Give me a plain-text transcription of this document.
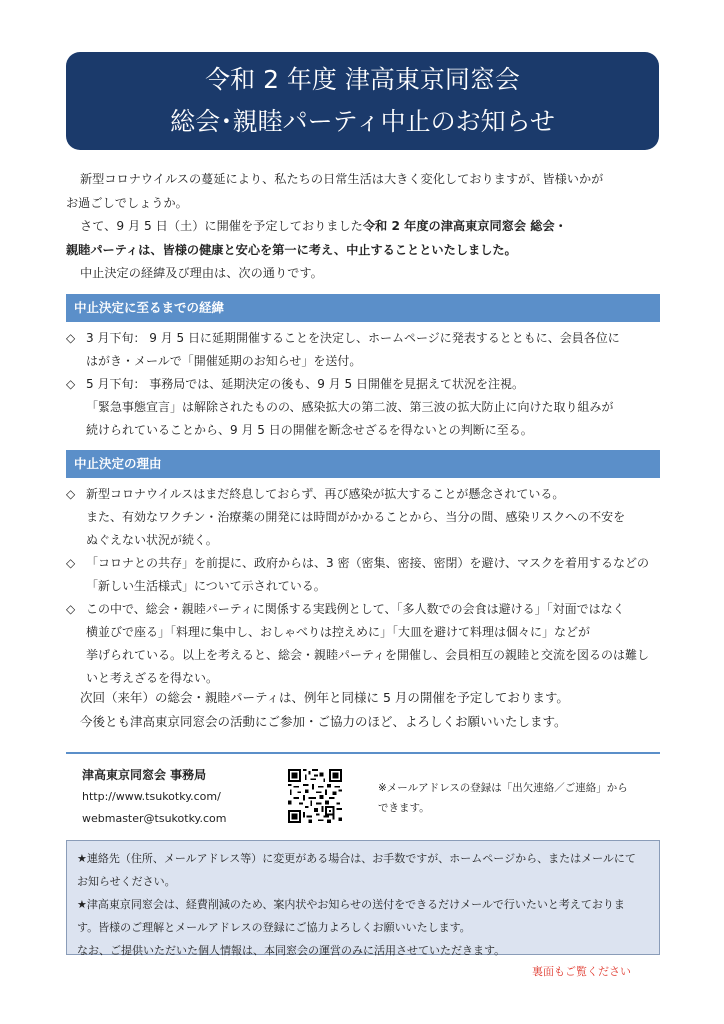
令和 2 年度 津高東京同窓会
総会･親睦パーティ中止のお知らせ

新型コロナウイルスの蔓延により、私たちの日常生活は大きく変化しておりますが、皆様いかが

お過ごしでしょうか。

さて、9 月 5 日（土）に開催を予定しておりました令和 2 年度の津高東京同窓会 総会・

親睦パーティは、皆様の健康と安心を第一に考え、中止することといたしました。

中止決定の経緯及び理由は、次の通りです。

中止決定に至るまでの経緯
◇ 3 月下旬： 9 月 5 日に延期開催することを決定し、ホームページに発表するとともに、会員各位に
はがき・メールで「開催延期のお知らせ」を送付。
◇ 5 月下旬： 事務局では、延期決定の後も、9 月 5 日開催を見据えて状況を注視。
「緊急事態宣言」は解除されたものの、感染拡大の第二波、第三波の拡大防止に向けた取り組みが
続けられていることから、9 月 5 日の開催を断念せざるを得ないとの判断に至る。
中止決定の理由
◇ 新型コロナウイルスはまだ終息しておらず、再び感染が拡大することが懸念されている。
また、有効なワクチン・治療薬の開発には時間がかかることから、当分の間、感染リスクへの不安を
ぬぐえない状況が続く。
◇ 「コロナとの共存」を前提に、政府からは、3 密（密集、密接、密閉）を避け、マスクを着用するなどの
「新しい生活様式」について示されている。
◇ この中で、総会・親睦パーティに関係する実践例として、「多人数での会食は避ける」「対面ではなく
横並びで座る」「料理に集中し、おしゃべりは控えめに」「大皿を避けて料理は個々に」などが
挙げられている。以上を考えると、総会・親睦パーティを開催し、会員相互の親睦と交流を図るのは難し
いと考えざるを得ない。

次回（来年）の総会・親睦パーティは、例年と同様に 5 月の開催を予定しております。

今後とも津高東京同窓会の活動にご参加・ご協力のほど、よろしくお願いいたします。

津高東京同窓会 事務局
http://www.tsukotky.com/
webmaster@tsukotky.com
※メールアドレスの登録は「出欠連絡／ご連絡」から
できます。

★連絡先（住所、メールアドレス等）に変更がある場合は、お手数ですが、ホームページから、またはメールにて

お知らせください。

★津高東京同窓会は、経費削減のため、案内状やお知らせの送付をできるだけメールで行いたいと考えておりま

す。皆様のご理解とメールアドレスの登録にご協力よろしくお願いいたします。

なお、ご提供いただいた個人情報は、本同窓会の運営のみに活用させていただきます。

裏面もご覧ください
